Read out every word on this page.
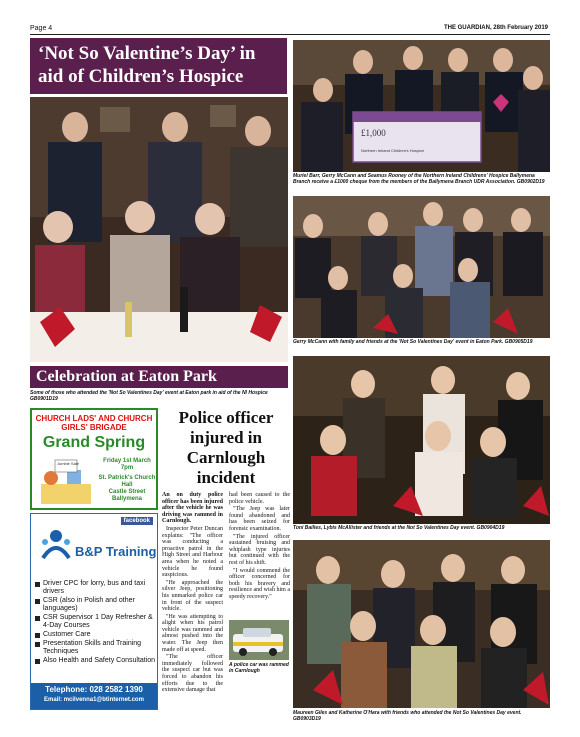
Page 4	THE GUARDIAN, 28th February 2019
‘Not So Valentine’s Day’ in aid of Children’s Hospice
Some of those who attended the 'Not So Valentines Day' event at Eaton park in aid of the NI Hospice GB0901D19
Celebration at Eaton Park
£1,000
Northern Ireland Children's Hospice
Muriel Barr, Gerry McCann and Seamus Rooney of the Northern Ireland Childrens' Hospice Ballymena Branch receive a £1000 cheque from the members of the Ballymena Branch UDR Association. GB0902D19
Gerry McCann with family and friends at the 'Not So Valentines Day' event in Eaton Park. GB0905D19
Toni Bailies, Lybis McAllister and friends at the Not So Valentines Day event. GB0904D19
Maureen Giles and Katherine O'Hara with friends who attended the Not So Valentines Day event. GB0903D19
CHURCH LADS' AND CHURCH GIRLS' BRIGADE
Grand Spring
Jumble Sale	Friday 1st March
7pm
St. Patrick's Church Hall
Castle Street
Ballymena
facebook
B&P Training
Driver CPC for lorry, bus and taxi drivers
CSR (also in Polish and other languages)
CSR Supervisor 1 Day Refresher & 4-Day Courses
Customer Care
Presentation Skills and Training Techniques
Also Health and Safety Consultation
Telephone: 028 2582 1390
Email: mcilvenna1@btinternet.com
Police officer injured in Carnlough incident

An on duty police officer has been injured after the vehicle he was driving was rammed in Carnlough.

Inspector Peter Duncan explains: "The officer was conducting a proactive patrol in the High Street and Harbour area when he noted a vehicle he found suspicious.

"He approached the silver Jeep, positioning his unmarked police car in front of the suspect vehicle.

"He was attempting to alight when his patrol vehicle was rammed and almost pushed into the water. The Jeep then made off at speed.

"The officer immediately followed the suspect car but was forced to abandon his efforts due to the extensive damage that

had been caused to the police vehicle.

"The Jeep was later found abandoned and has been seized for forensic examination.

"The injured officer sustained bruising and whiplash type injuries but continued with the rest of his shift.

"I would commend the officer concerned for both his bravery and resilience and wish him a speedy recovery."

A police car was rammed in Carnlough
